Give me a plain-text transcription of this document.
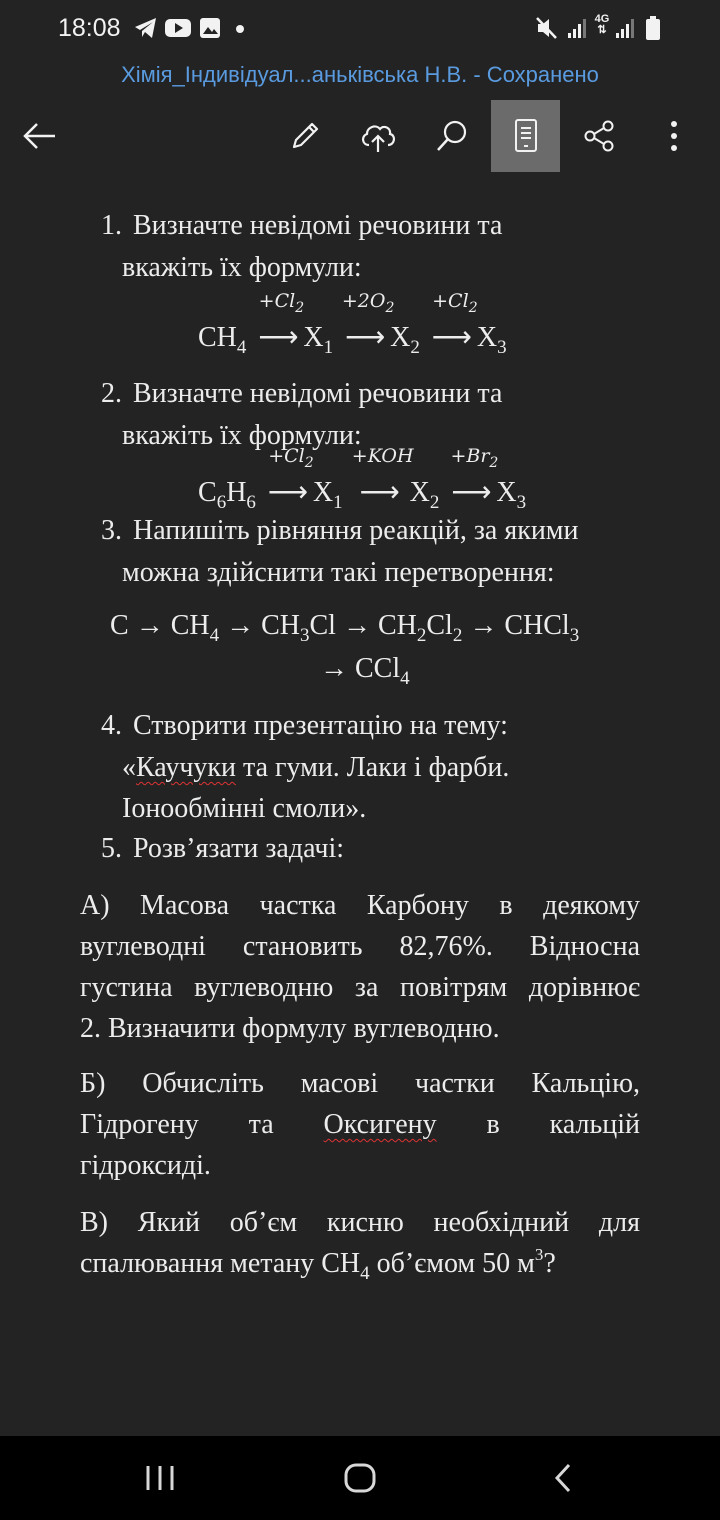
18:08	4G
⇅
Хімія_Індивідуал...аньківська Н.В. - Сохранено
1. Визначте невідомі речовини та
вкажіть їх формули:
$CH_4$
$+Cl_2$
⟶ $X_1$
$+2O_2$
⟶ $X_2$
$+Cl_2$
⟶ $X_3$
2. Визначте невідомі речовини та
вкажіть їх формули:
$C_6H_6$
$+Cl_2$
⟶ $X_1$
+KOH
⟶ $X_2$
$+Br_2$
⟶ $X_3$
3. Напишіть рівняння реакцій, за якими
можна здійснити такі перетворення:
$C \to CH_4 \to CH_3Cl \to CH_2Cl_2$ → CHCl$_3$
→ CCl$_4$
4. Створити презентацію на тему:
«Каучуки та гуми. Лаки і фарби.
Іонообмінні смоли».
5. Розв’язати задачі:
А) Масова частка Карбону в деякому
вуглеводні становить 82,76%. Відносна
густина вуглеводню за повітрям дорівнює
2. Визначити формулу вуглеводню.
Б) Обчисліть масові частки Кальцію,
Гідрогену та Оксигену в кальцій
гідроксиді.
В) Який об’єм кисню необхідний для
спалювання метану $СН_4$ об’ємом 50 $м^3$?
